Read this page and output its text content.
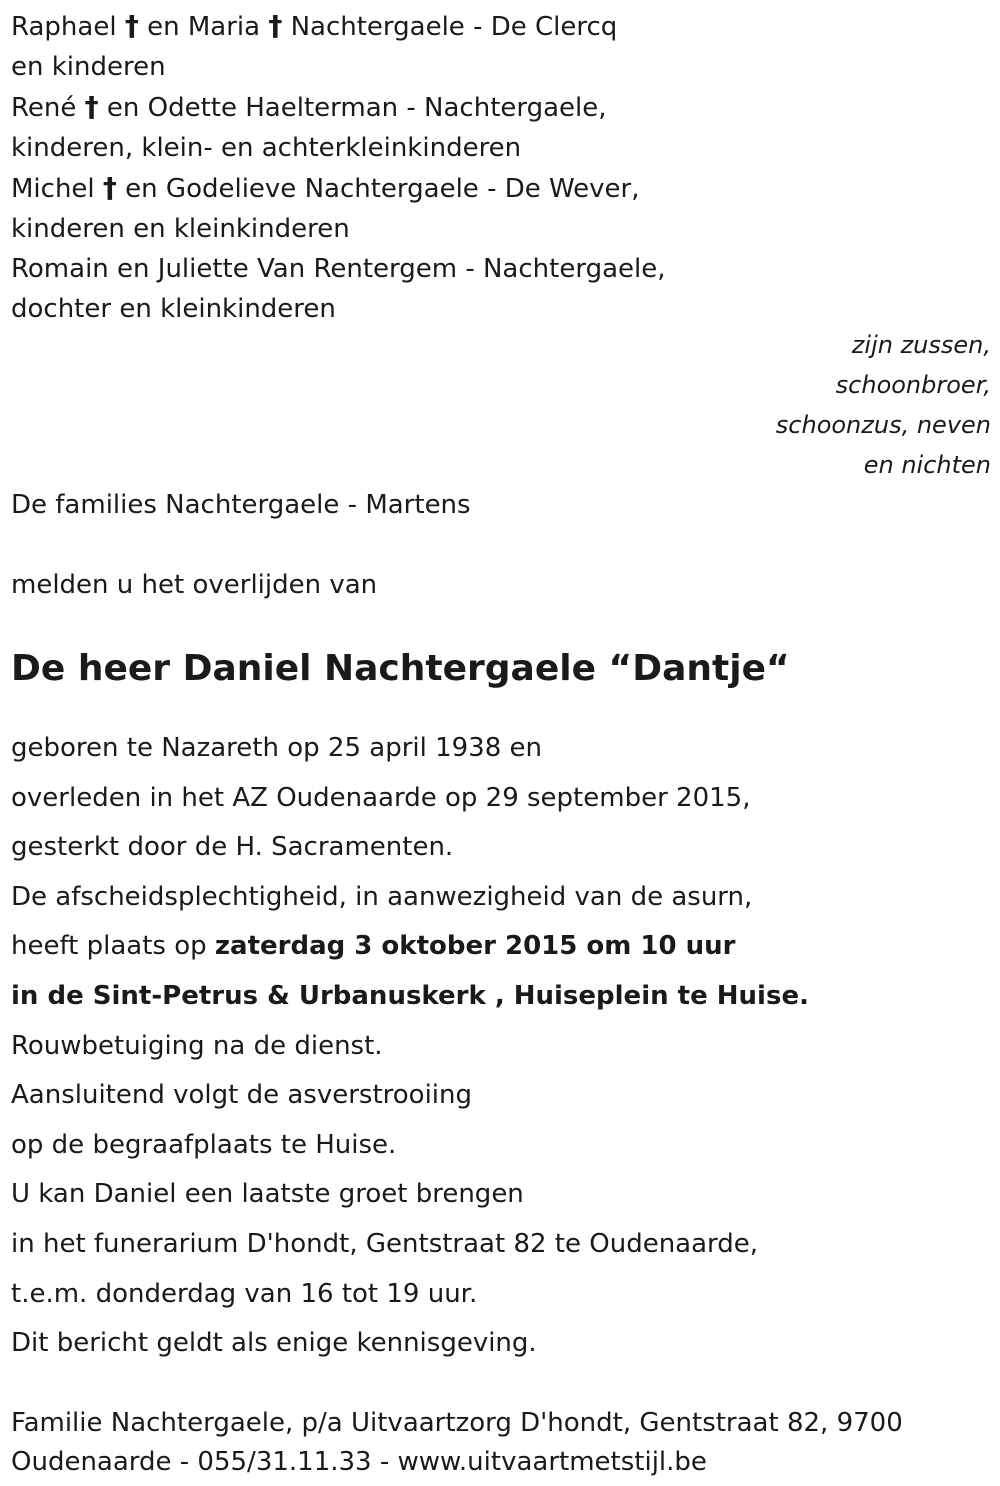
Raphael † en Maria † Nachtergaele - De Clercq
en kinderen
René † en Odette Haelterman - Nachtergaele,
kinderen, klein- en achterkleinkinderen
Michel † en Godelieve Nachtergaele - De Wever,
kinderen en kleinkinderen
Romain en Juliette Van Rentergem - Nachtergaele,
dochter en kleinkinderen
zijn zussen,
schoonbroer,
schoonzus, neven
en nichten
De families Nachtergaele - Martens
melden u het overlijden van
De heer Daniel Nachtergaele “Dantje“
geboren te Nazareth op 25 april 1938 en
overleden in het AZ Oudenaarde op 29 september 2015,
gesterkt door de H. Sacramenten.
De afscheidsplechtigheid, in aanwezigheid van de asurn,
heeft plaats op zaterdag 3 oktober 2015 om 10 uur
in de Sint-Petrus & Urbanuskerk , Huiseplein te Huise.
Rouwbetuiging na de dienst.
Aansluitend volgt de asverstrooiing
op de begraafplaats te Huise.
U kan Daniel een laatste groet brengen
in het funerarium D'hondt, Gentstraat 82 te Oudenaarde,
t.e.m. donderdag van 16 tot 19 uur.
Dit bericht geldt als enige kennisgeving.
Familie Nachtergaele, p/a Uitvaartzorg D'hondt, Gentstraat 82, 9700
Oudenaarde - 055/31.11.33 - www.uitvaartmetstijl.be
